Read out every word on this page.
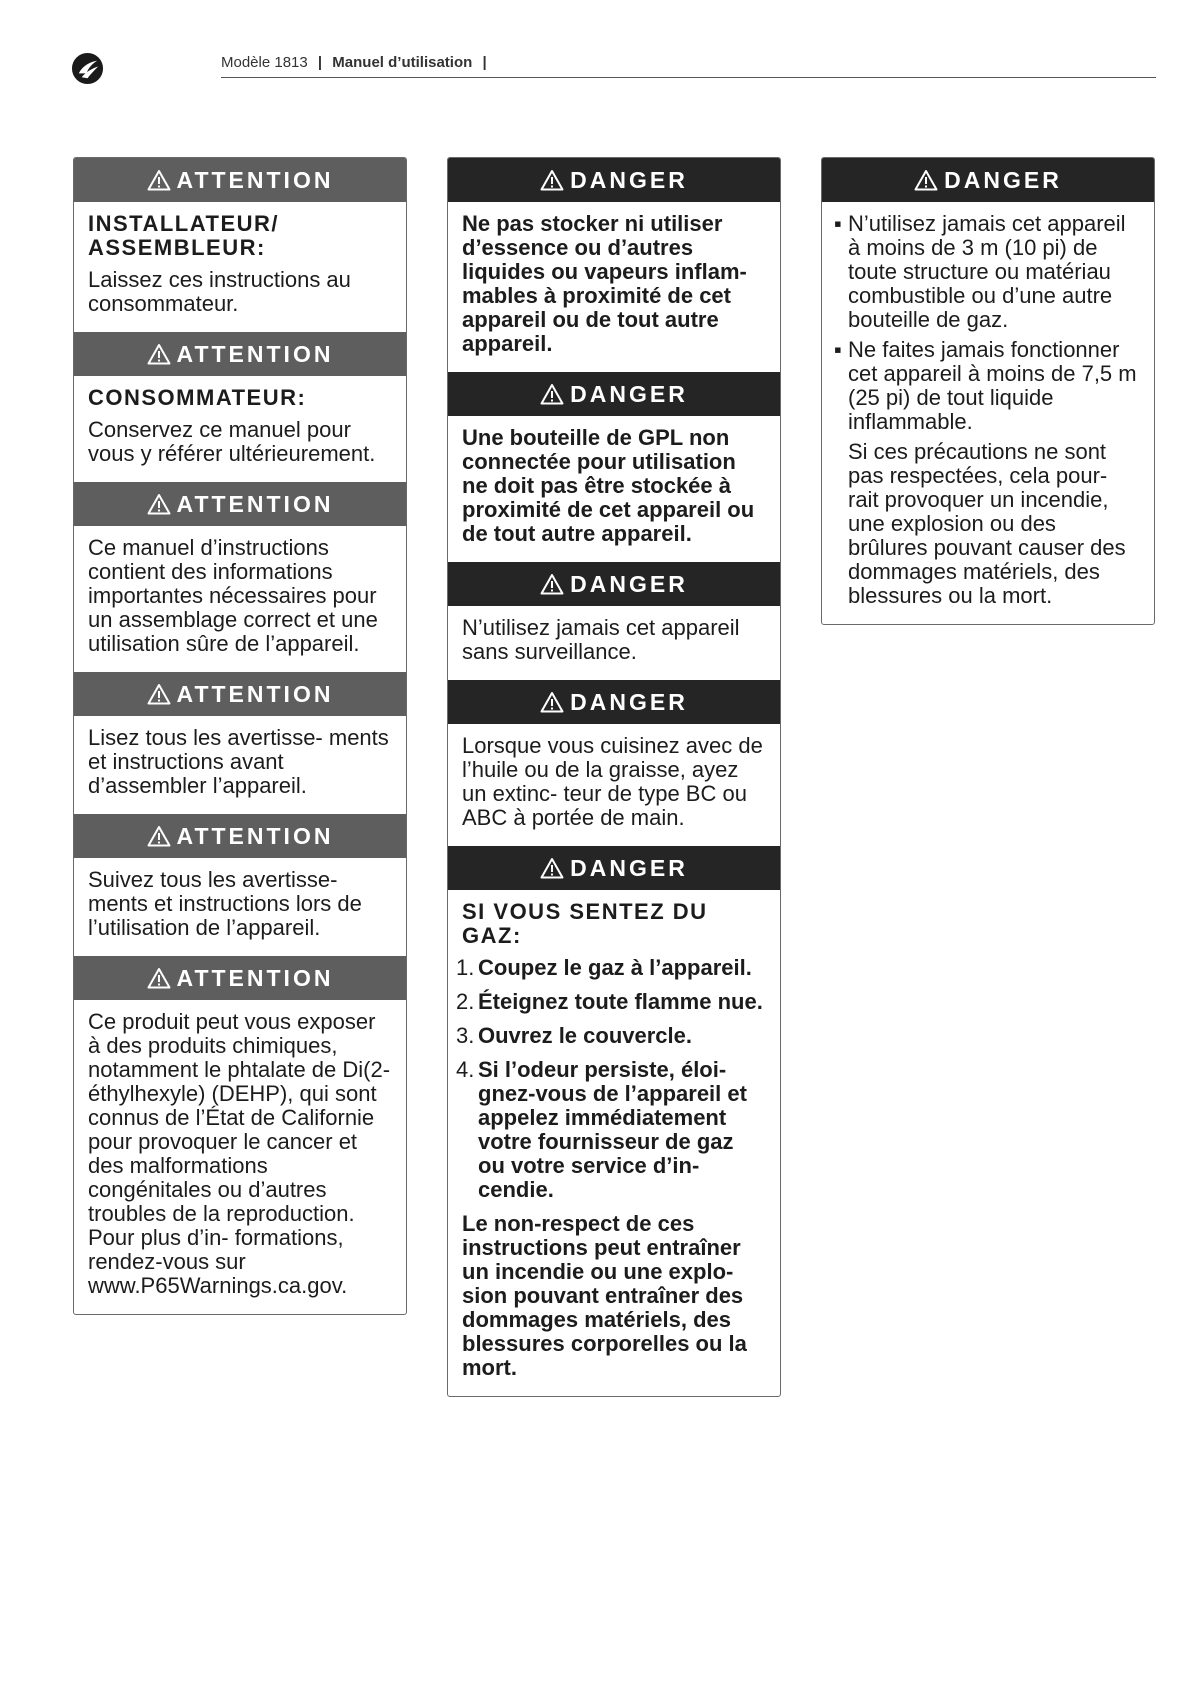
Modèle 1813 | Manuel d’utilisation |
ATTENTION

INSTALLATEUR/ ASSEMBLEUR:

Laissez ces instructions au consommateur.

ATTENTION

CONSOMMATEUR:

Conservez ce manuel pour vous y référer ultérieurement.

ATTENTION

Ce manuel d’instructions contient des informations importantes nécessaires pour un assemblage correct et une utilisation sûre de l’appareil.

ATTENTION

Lisez tous les avertisse- ments et instructions avant d’assembler l’appareil.

ATTENTION

Suivez tous les avertisse- ments et instructions lors de l’utilisation de l’appareil.

ATTENTION

Ce produit peut vous exposer à des produits chimiques, notamment le phtalate de Di(2-éthylhexyle) (DEHP), qui sont connus de l’État de Californie pour provoquer le cancer et des malformations congénitales ou d’autres troubles de la reproduction. Pour plus d’in- formations, rendez-vous sur www.P65Warnings.ca.gov.

DANGER

Ne pas stocker ni utiliser d’essence ou d’autres liquides ou vapeurs inflam- mables à proximité de cet appareil ou de tout autre appareil.

DANGER

Une bouteille de GPL non connectée pour utilisation ne doit pas être stockée à proximité de cet appareil ou de tout autre appareil.

DANGER

N’utilisez jamais cet appareil sans surveillance.

DANGER

Lorsque vous cuisinez avec de l’huile ou de la graisse, ayez un extinc- teur de type BC ou ABC à portée de main.

DANGER

SI VOUS SENTEZ DU GAZ:

1. Coupez le gaz à l’appareil.
2. Éteignez toute flamme nue.
3. Ouvrez le couvercle.
4. Si l’odeur persiste, éloi- gnez-vous de l’appareil et appelez immédiatement votre fournisseur de gaz ou votre service d’in- cendie.

Le non-respect de ces instructions peut entraîner un incendie ou une explo- sion pouvant entraîner des dommages matériels, des blessures corporelles ou la mort.

DANGER
▪ N’utilisez jamais cet appareil à moins de 3 m (10 pi) de toute structure ou matériau combustible ou d’une autre bouteille de gaz.
▪ Ne faites jamais fonctionner cet appareil à moins de 7,5 m (25 pi) de tout liquide inflammable.

Si ces précautions ne sont pas respectées, cela pour- rait provoquer un incendie, une explosion ou des brûlures pouvant causer des dommages matériels, des blessures ou la mort.
